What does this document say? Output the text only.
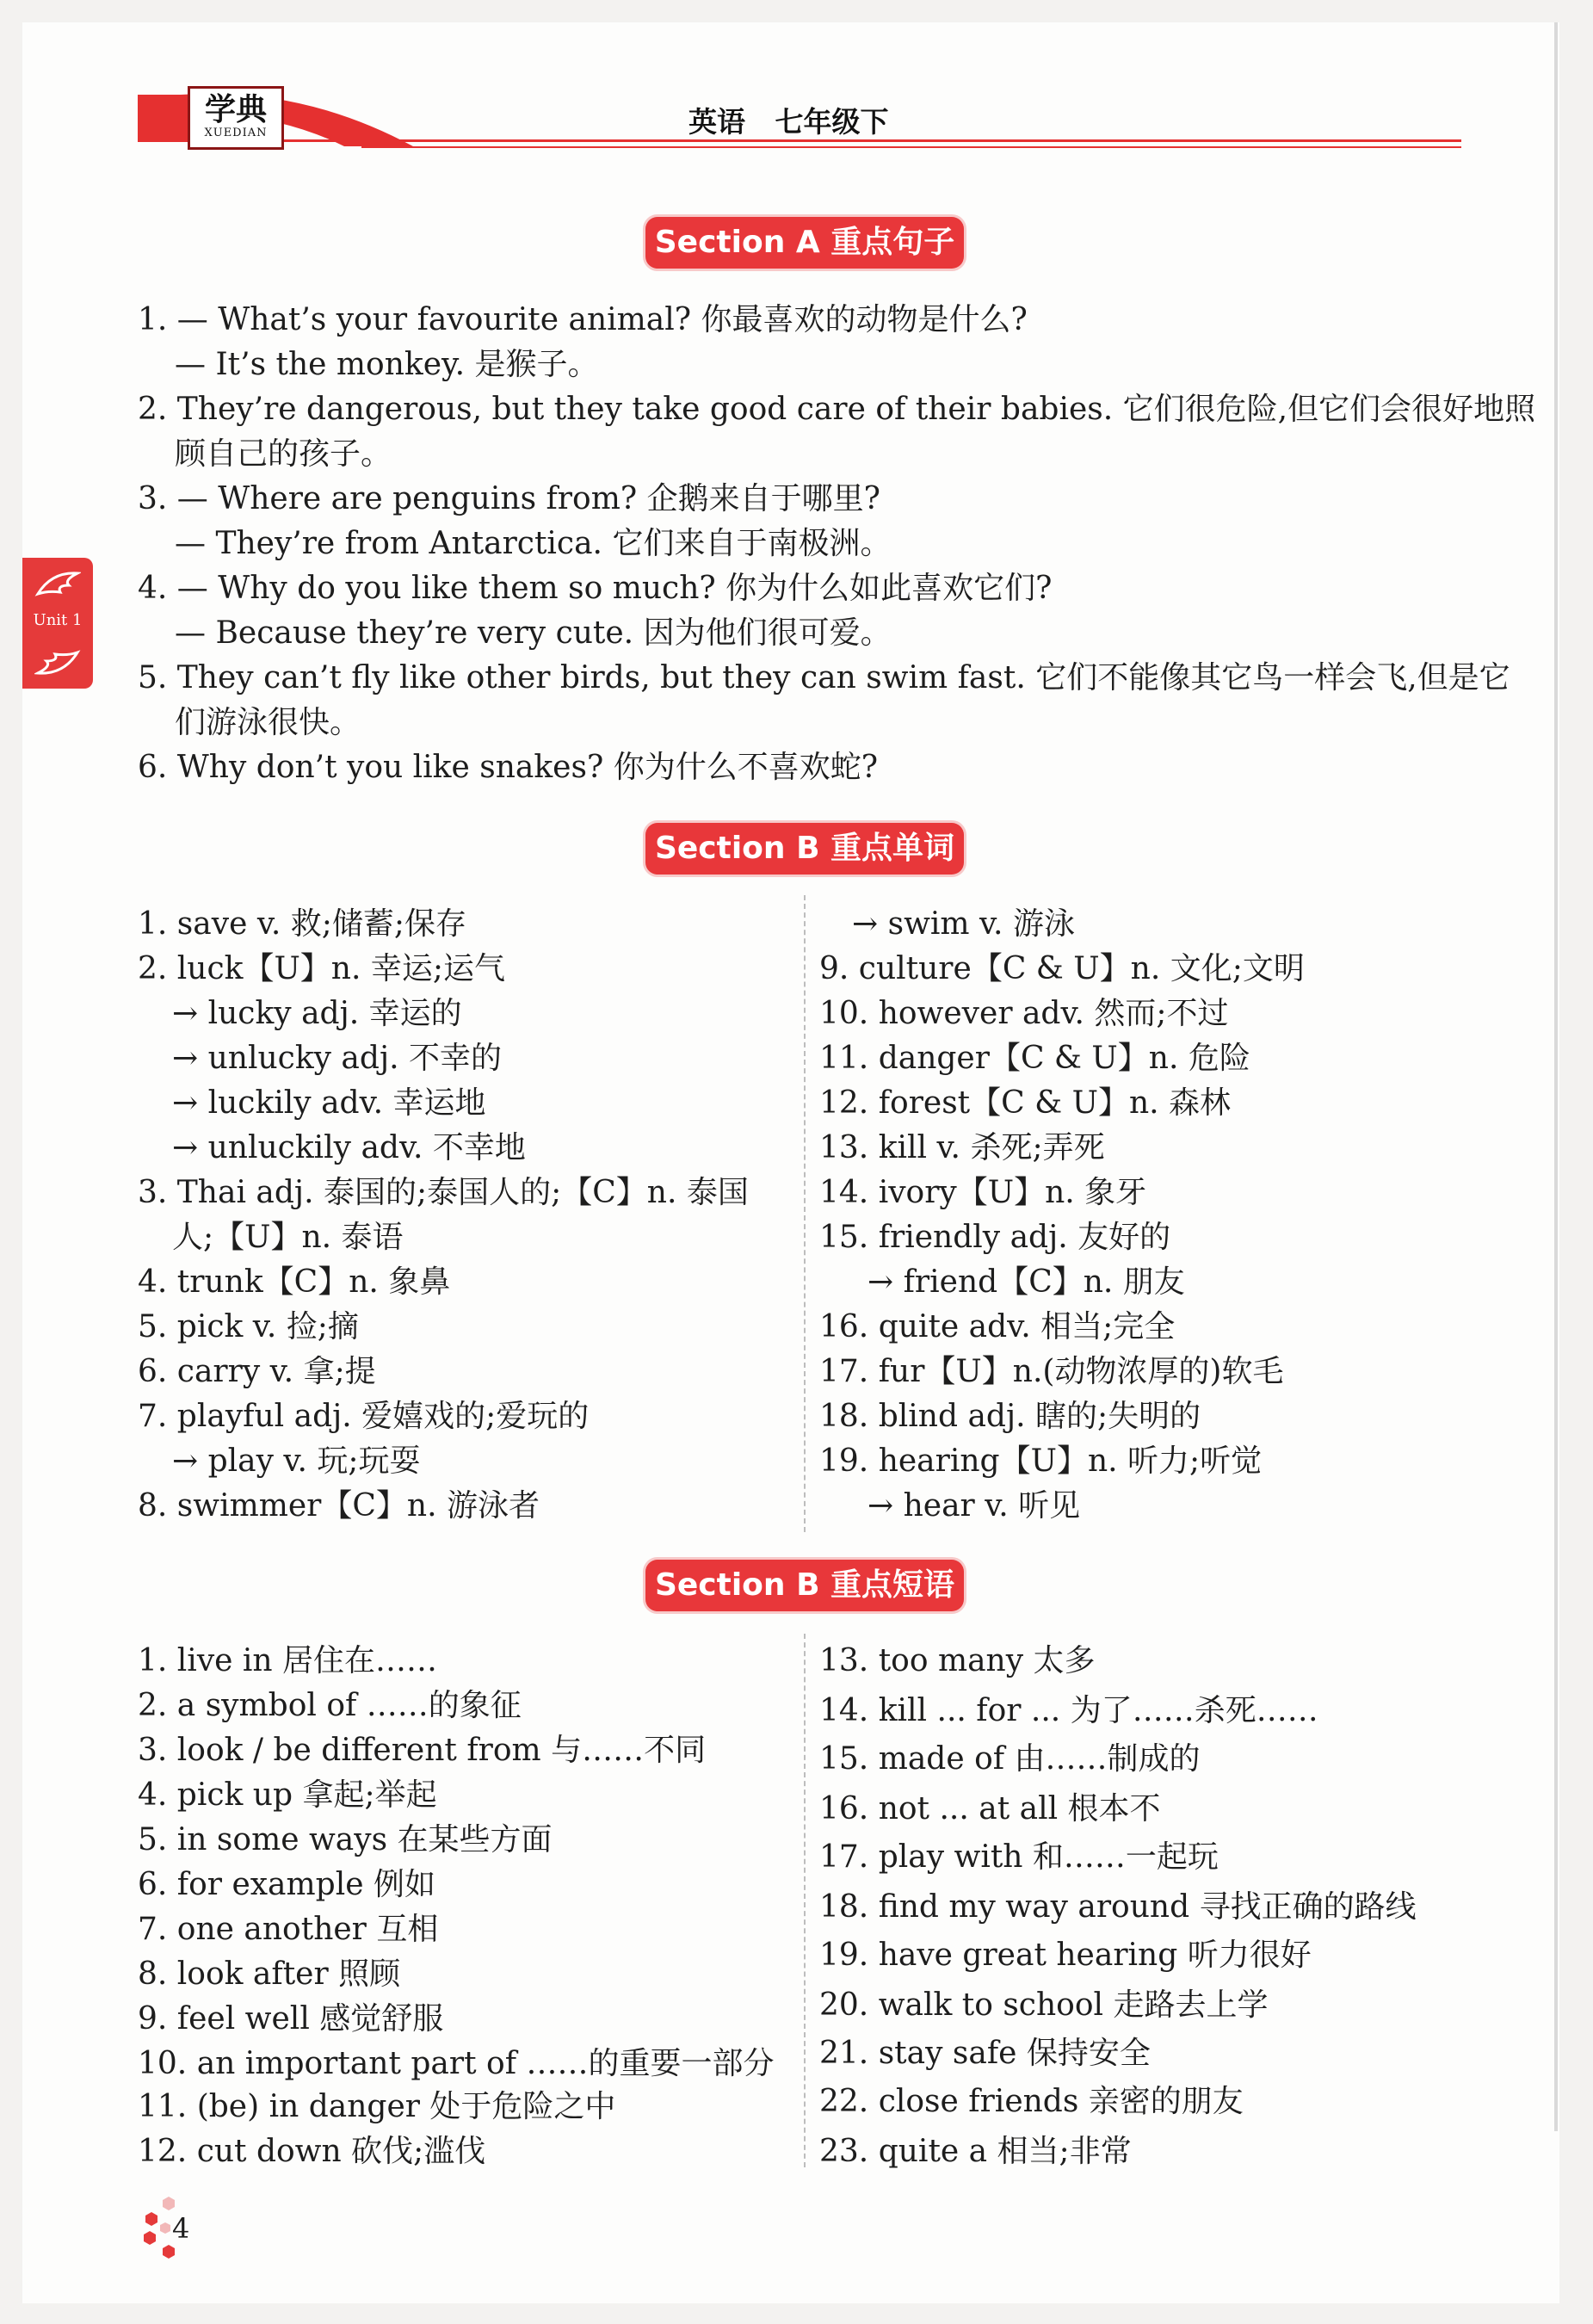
学典
XUEDIAN	英语   七年级下
Unit 1
Section A 重点句子
1. — What’s your favourite animal? 你最喜欢的动物是什么?
— It’s the monkey. 是猴子。
2. They’re dangerous, but they take good care of their babies. 它们很危险,但它们会很好地照
顾自己的孩子。
3. — Where are penguins from? 企鹅来自于哪里?
— They’re from Antarctica. 它们来自于南极洲。
4. — Why do you like them so much? 你为什么如此喜欢它们?
— Because they’re very cute. 因为他们很可爱。
5. They can’t fly like other birds, but they can swim fast. 它们不能像其它鸟一样会飞,但是它
们游泳很快。
6. Why don’t you like snakes? 你为什么不喜欢蛇?
Section B 重点单词
1. save v. 救;储蓄;保存
2. luck【U】n. 幸运;运气
→ lucky adj. 幸运的
→ unlucky adj. 不幸的
→ luckily adv. 幸运地
→ unluckily adv. 不幸地
3. Thai adj. 泰国的;泰国人的;【C】n. 泰国
人;【U】n. 泰语
4. trunk【C】n. 象鼻
5. pick v. 捡;摘
6. carry v. 拿;提
7. playful adj. 爱嬉戏的;爱玩的
→ play v. 玩;玩耍
8. swimmer【C】n. 游泳者
→ swim v. 游泳
9. culture【C & U】n. 文化;文明
10. however adv. 然而;不过
11. danger【C & U】n. 危险
12. forest【C & U】n. 森林
13. kill v. 杀死;弄死
14. ivory【U】n. 象牙
15. friendly adj. 友好的
→ friend【C】n. 朋友
16. quite adv. 相当;完全
17. fur【U】n.(动物浓厚的)软毛
18. blind adj. 瞎的;失明的
19. hearing【U】n. 听力;听觉
→ hear v. 听见
Section B 重点短语
1. live in 居住在……
2. a symbol of ……的象征
3. look / be different from 与……不同
4. pick up 拿起;举起
5. in some ways 在某些方面
6. for example 例如
7. one another 互相
8. look after 照顾
9. feel well 感觉舒服
10. an important part of ……的重要一部分
11. (be) in danger 处于危险之中
12. cut down 砍伐;滥伐
13. too many 太多
14. kill ... for ... 为了……杀死……
15. made of 由……制成的
16. not ... at all 根本不
17. play with 和……一起玩
18. find my way around 寻找正确的路线
19. have great hearing 听力很好
20. walk to school 走路去上学
21. stay safe 保持安全
22. close friends 亲密的朋友
23. quite a 相当;非常
4
